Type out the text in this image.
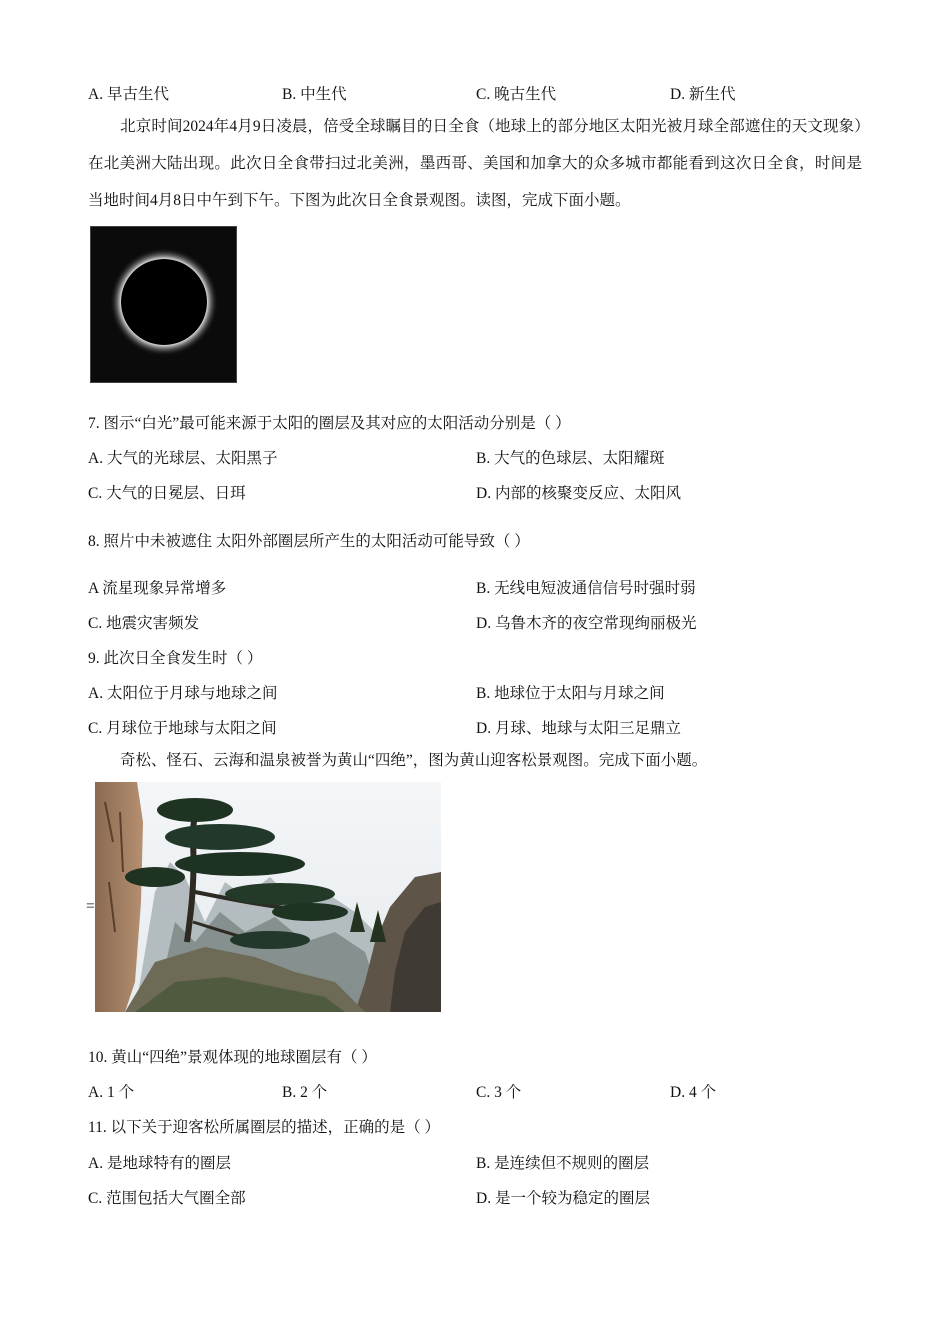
A. 早古生代	B. 中生代	C. 晚古生代	D. 新生代
北京时间2024年4月9日凌晨，倍受全球瞩目的日全食（地球上的部分地区太阳光被月球全部遮住的天文现象）在北美洲大陆出现。此次日全食带扫过北美洲，墨西哥、美国和加拿大的众多城市都能看到这次日全食，时间是当地时间4月8日中午到下午。下图为此次日全食景观图。读图，完成下面小题。
7. 图示“白光”最可能来源于太阳的圈层及其对应的太阳活动分别是（ ）
A. 大气的光球层、太阳黑子	B. 大气的色球层、太阳耀斑
C. 大气的日冕层、日珥	D. 内部的核聚变反应、太阳风
8. 照片中未被遮住 太阳外部圈层所产生的太阳活动可能导致（ ）
A 流星现象异常增多	B. 无线电短波通信信号时强时弱
C. 地震灾害频发	D. 乌鲁木齐的夜空常现绚丽极光
9. 此次日全食发生时（ ）
A. 太阳位于月球与地球之间	B. 地球位于太阳与月球之间
C. 月球位于地球与太阳之间	D. 月球、地球与太阳三足鼎立
奇松、怪石、云海和温泉被誉为黄山“四绝”，图为黄山迎客松景观图。完成下面小题。
=
10. 黄山“四绝”景观体现的地球圈层有（ ）
A. 1 个	B. 2 个	C. 3 个	D. 4 个
11. 以下关于迎客松所属圈层的描述，正确的是（ ）
A. 是地球特有的圈层	B. 是连续但不规则的圈层
C. 范围包括大气圈全部	D. 是一个较为稳定的圈层
